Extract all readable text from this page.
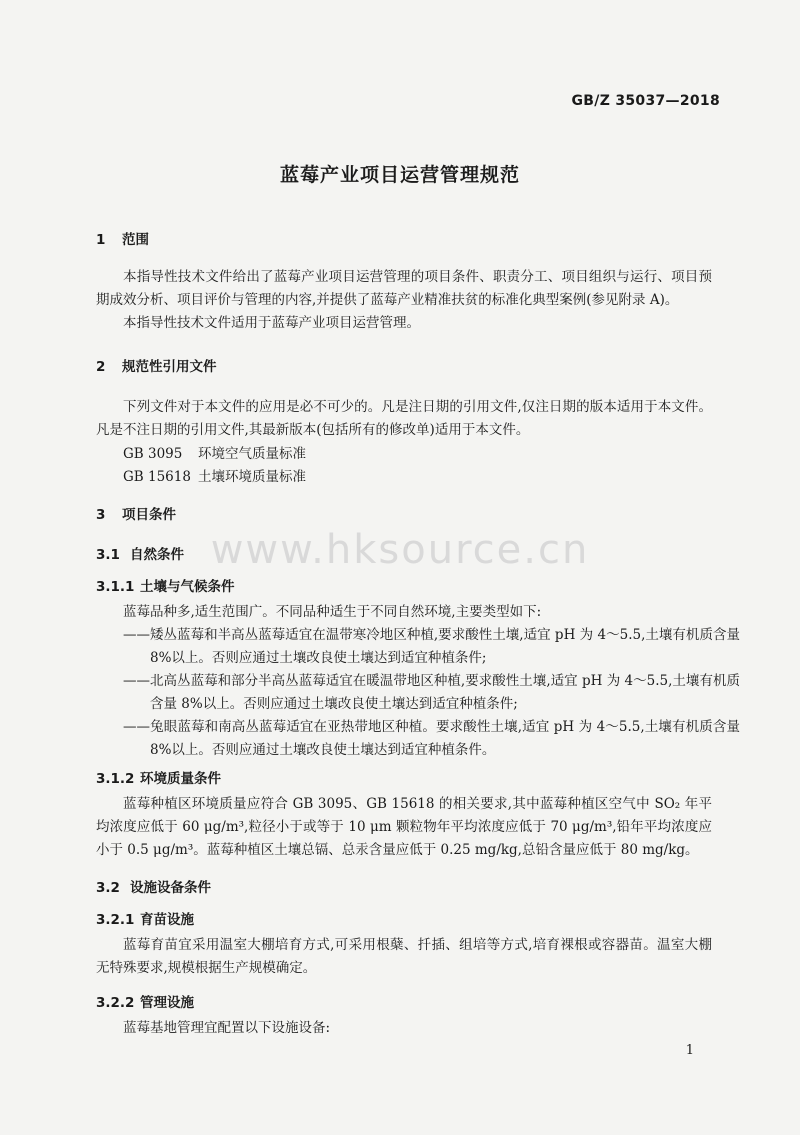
GB/Z 35037—2018
蓝莓产业项目运营管理规范
1 范围
本指导性技术文件给出了蓝莓产业项目运营管理的项目条件、职责分工、项目组织与运行、项目预期成效分析、项目评价与管理的内容,并提供了蓝莓产业精准扶贫的标准化典型案例(参见附录 A)。
本指导性技术文件适用于蓝莓产业项目运营管理。
2 规范性引用文件
下列文件对于本文件的应用是必不可少的。凡是注日期的引用文件,仅注日期的版本适用于本文件。凡是不注日期的引用文件,其最新版本(包括所有的修改单)适用于本文件。
GB 3095 环境空气质量标准
GB 15618 土壤环境质量标准
3 项目条件
3.1 自然条件
3.1.1 土壤与气候条件
蓝莓品种多,适生范围广。不同品种适生于不同自然环境,主要类型如下:
——矮丛蓝莓和半高丛蓝莓适宜在温带寒冷地区种植,要求酸性土壤,适宜 pH 为 4～5.5,土壤有机质含量 8%以上。否则应通过土壤改良使土壤达到适宜种植条件;
——北高丛蓝莓和部分半高丛蓝莓适宜在暖温带地区种植,要求酸性土壤,适宜 pH 为 4～5.5,土壤有机质含量 8%以上。否则应通过土壤改良使土壤达到适宜种植条件;
——兔眼蓝莓和南高丛蓝莓适宜在亚热带地区种植。要求酸性土壤,适宜 pH 为 4～5.5,土壤有机质含量 8%以上。否则应通过土壤改良使土壤达到适宜种植条件。
3.1.2 环境质量条件
蓝莓种植区环境质量应符合 GB 3095、GB 15618 的相关要求,其中蓝莓种植区空气中 SO₂ 年平均浓度应低于 60 μg/m³,粒径小于或等于 10 μm 颗粒物年平均浓度应低于 70 μg/m³,铅年平均浓度应小于 0.5 μg/m³。蓝莓种植区土壤总镉、总汞含量应低于 0.25 mg/kg,总铅含量应低于 80 mg/kg。
3.2 设施设备条件
3.2.1 育苗设施
蓝莓育苗宜采用温室大棚培育方式,可采用根蘖、扦插、组培等方式,培育裸根或容器苗。温室大棚无特殊要求,规模根据生产规模确定。
3.2.2 管理设施
蓝莓基地管理宜配置以下设施设备:
www.hksource.cn
1
